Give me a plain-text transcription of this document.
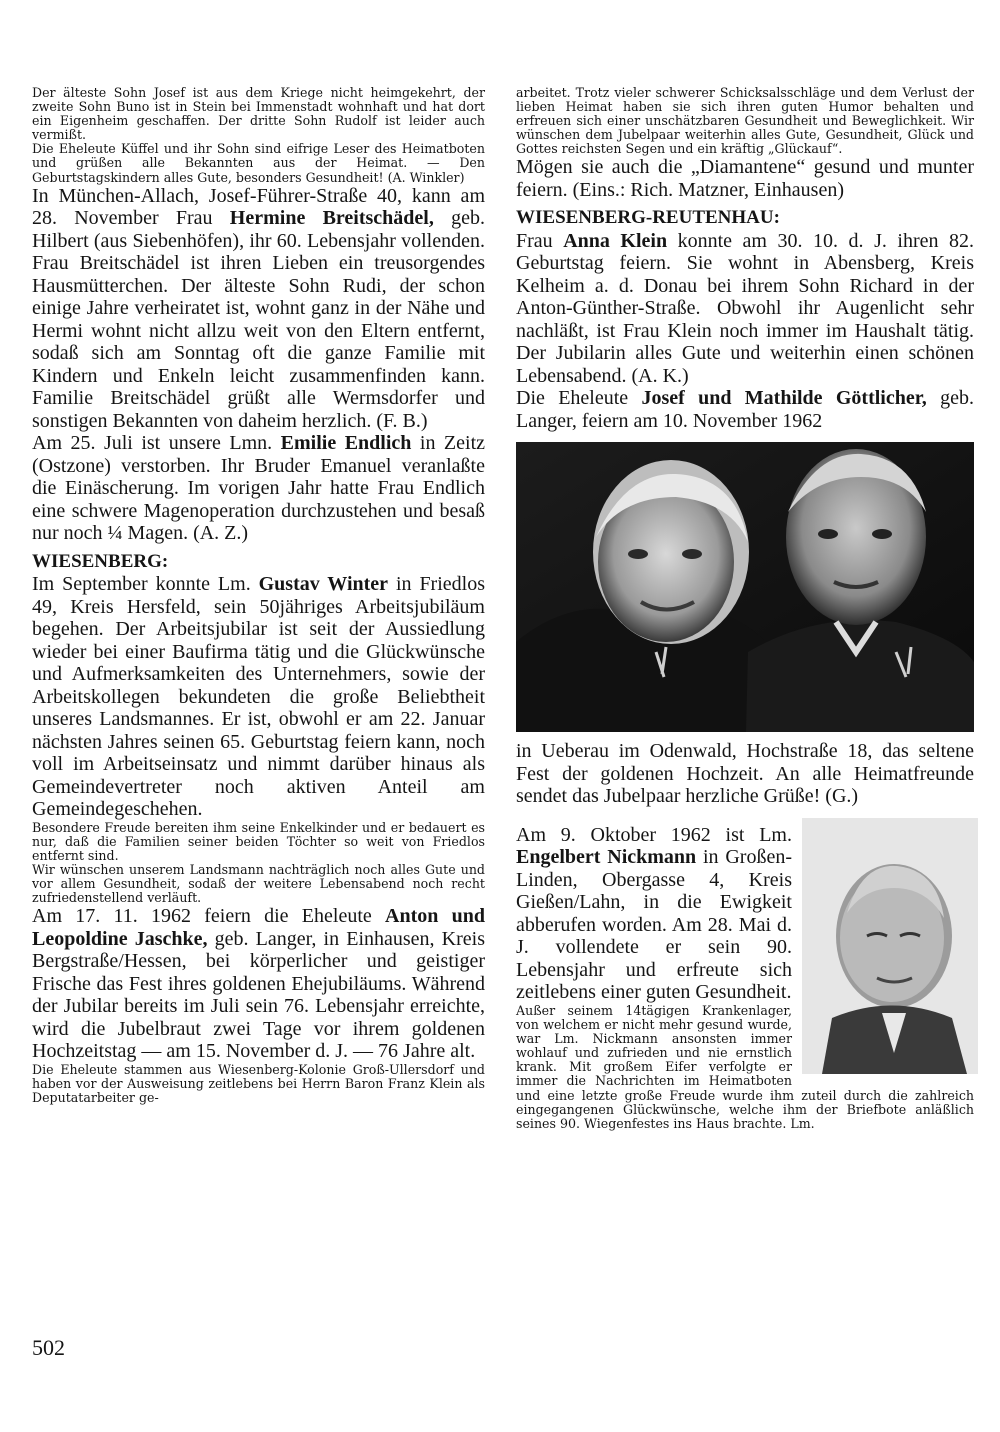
Der älteste Sohn Josef ist aus dem Kriege nicht heimgekehrt, der zweite Sohn Buno ist in Stein bei Immenstadt wohnhaft und hat dort ein Eigenheim geschaffen. Der dritte Sohn Rudolf ist leider auch vermißt.

Die Eheleute Küffel und ihr Sohn sind eifrige Leser des Heimatboten und grüßen alle Bekannten aus der Heimat. — Den Geburtstagskindern alles Gute, besonders Gesundheit! (A. Winkler)

In München-Allach, Josef-Führer-Straße 40, kann am 28. November Frau Hermine Breitschädel, geb. Hilbert (aus Siebenhöfen), ihr 60. Lebensjahr vollenden. Frau Breitschädel ist ihren Lieben ein treusorgendes Hausmütterchen. Der älteste Sohn Rudi, der schon einige Jahre verheiratet ist, wohnt ganz in der Nähe und Hermi wohnt nicht allzu weit von den Eltern entfernt, sodaß sich am Sonntag oft die ganze Familie mit Kindern und Enkeln leicht zusammenfinden kann. Familie Breitschädel grüßt alle Wermsdorfer und sonstigen Bekannten von daheim herzlich. (F. B.)

Am 25. Juli ist unsere Lmn. Emilie Endlich in Zeitz (Ostzone) verstorben. Ihr Bruder Emanuel veranlaßte die Einäscherung. Im vorigen Jahr hatte Frau Endlich eine schwere Magenoperation durchzustehen und besaß nur noch ¼ Magen. (A. Z.)

WIESENBERG:

Im September konnte Lm. Gustav Winter in Friedlos 49, Kreis Hersfeld, sein 50jähriges Arbeitsjubiläum begehen. Der Arbeitsjubilar ist seit der Aussiedlung wieder bei einer Baufirma tätig und die Glückwünsche und Aufmerksamkeiten des Unternehmers, sowie der Arbeitskollegen bekundeten die große Beliebtheit unseres Landsmannes. Er ist, obwohl er am 22. Januar nächsten Jahres seinen 65. Geburtstag feiern kann, noch voll im Arbeitseinsatz und nimmt darüber hinaus als Gemeindevertreter noch aktiven Anteil am Gemeindegeschehen.

Besondere Freude bereiten ihm seine Enkelkinder und er bedauert es nur, daß die Familien seiner beiden Töchter so weit von Friedlos entfernt sind.

Wir wünschen unserem Landsmann nachträglich noch alles Gute und vor allem Gesundheit, sodaß der weitere Lebensabend noch recht zufriedenstellend verläuft.

Am 17. 11. 1962 feiern die Eheleute Anton und Leopoldine Jaschke, geb. Langer, in Einhausen, Kreis Bergstraße/Hessen, bei körperlicher und geistiger Frische das Fest ihres goldenen Ehejubiläums. Während der Jubilar bereits im Juli sein 76. Lebensjahr erreichte, wird die Jubelbraut zwei Tage vor ihrem goldenen Hochzeitstag — am 15. November d. J. — 76 Jahre alt.

Die Eheleute stammen aus Wiesenberg-Kolonie Groß-Ullersdorf und haben vor der Ausweisung zeitlebens bei Herrn Baron Franz Klein als Deputatarbeiter ge-

arbeitet. Trotz vieler schwerer Schicksalsschläge und dem Verlust der lieben Heimat haben sie sich ihren guten Humor behalten und erfreuen sich einer unschätzbaren Gesundheit und Beweglichkeit. Wir wünschen dem Jubelpaar weiterhin alles Gute, Gesundheit, Glück und Gottes reichsten Segen und ein kräftig „Glückauf“.

Mögen sie auch die „Diamantene“ gesund und munter feiern. (Eins.: Rich. Matzner, Einhausen)

WIESENBERG-REUTENHAU:

Frau Anna Klein konnte am 30. 10. d. J. ihren 82. Geburtstag feiern. Sie wohnt in Abensberg, Kreis Kelheim a. d. Donau bei ihrem Sohn Richard in der Anton-Günther-Straße. Obwohl ihr Augenlicht sehr nachläßt, ist Frau Klein noch immer im Haushalt tätig. Der Jubilarin alles Gute und weiterhin einen schönen Lebensabend. (A. K.)

Die Eheleute Josef und Mathilde Göttlicher, geb. Langer, feiern am 10. November 1962

in Ueberau im Odenwald, Hochstraße 18, das seltene Fest der goldenen Hochzeit. An alle Heimatfreunde sendet das Jubelpaar herzliche Grüße! (G.)

Am 9. Oktober 1962 ist Lm. Engelbert Nickmann in Großen-Linden, Obergasse 4, Kreis Gießen/Lahn, in die Ewigkeit abberufen worden. Am 28. Mai d. J. vollendete er sein 90. Lebensjahr und erfreute sich zeitlebens einer guten Gesundheit.

Außer seinem 14tägigen Krankenlager, von welchem er nicht mehr gesund wurde, war Lm. Nickmann ansonsten immer wohlauf und zufrieden und nie ernstlich krank. Mit großem Eifer verfolgte er immer die Nachrichten im Heimatboten und eine letzte große Freude wurde ihm zuteil durch die zahlreich eingegangenen Glückwünsche, welche ihm der Briefbote anläßlich seines 90. Wiegenfestes ins Haus brachte. Lm.

502
